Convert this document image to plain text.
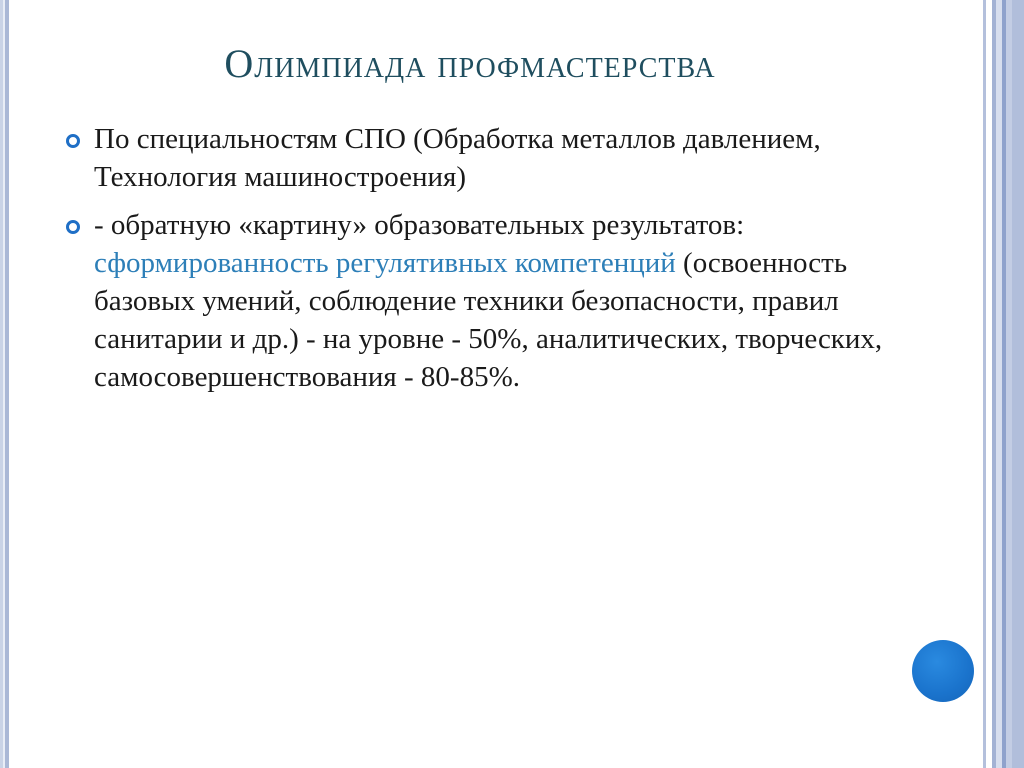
Олимпиада профмастерства
По специальностям СПО (Обработка металлов давлением, Технология машиностроения)
- обратную «картину» образовательных результатов: сформированность регулятивных компетенций (освоенность базовых умений, соблюдение техники безопасности, правил санитарии и др.) - на уровне - 50%, аналитических, творческих, самосовершенствования - 80-85%.
